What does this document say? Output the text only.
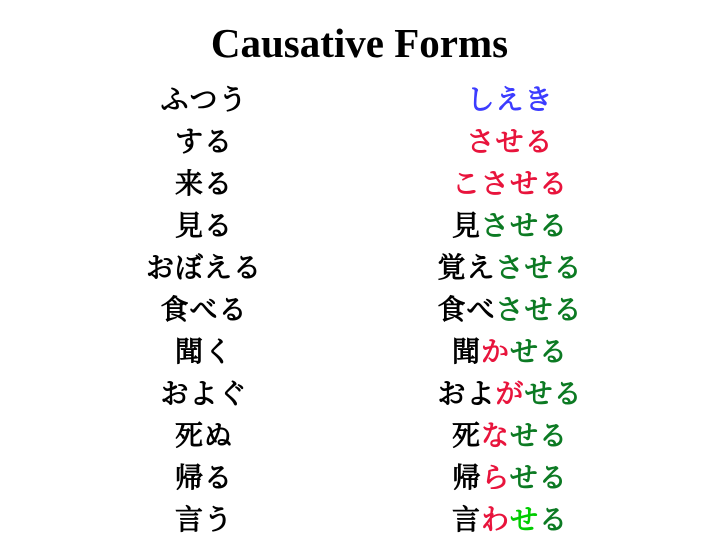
Causative Forms
ふつう	しえき
する	させる
来る	こさせる
見る	見させる
おぼえる	覚えさせる
食べる	食べさせる
聞く	聞かせる
およぐ	およがせる
死ぬ	死なせる
帰る	帰らせる
言う	言わせる
